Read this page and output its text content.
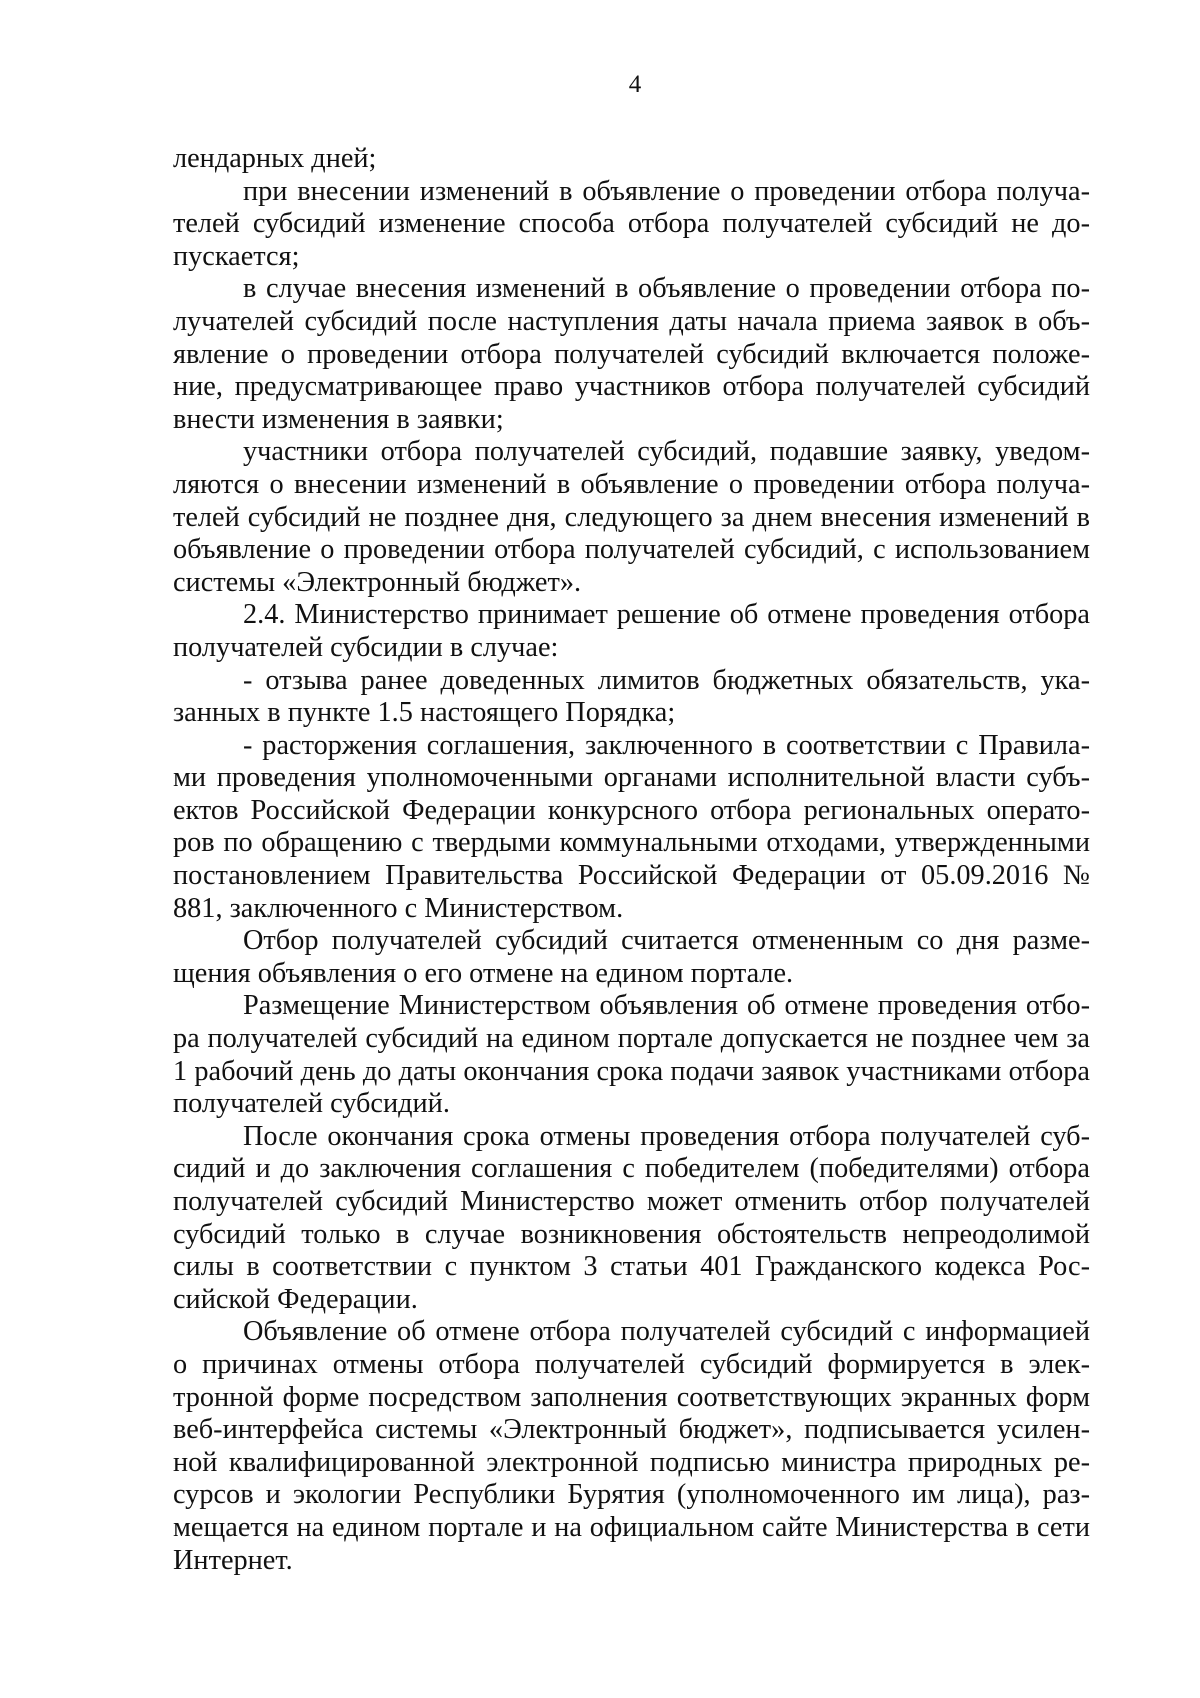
4

лендарных дней;

при внесении изменений в объявление о проведении отбора получателей субсидий изменение способа отбора получателей субсидий не допускается;

в случае внесения изменений в объявление о проведении отбора получателей субсидий после наступления даты начала приема заявок в объявление о проведении отбора получателей субсидий включается положение, предусматривающее право участников отбора получателей субсидий внести изменения в заявки;

участники отбора получателей субсидий, подавшие заявку, уведомляются о внесении изменений в объявление о проведении отбора получателей субсидий не позднее дня, следующего за днем внесения изменений в объявление о проведении отбора получателей субсидий, с использованием системы «Электронный бюджет».

2.4. Министерство принимает решение об отмене проведения отбора получателей субсидии в случае:

- отзыва ранее доведенных лимитов бюджетных обязательств, указанных в пункте 1.5 настоящего Порядка;

- расторжения соглашения, заключенного в соответствии с Правилами проведения уполномоченными органами исполнительной власти субъектов Российской Федерации конкурсного отбора региональных операторов по обращению с твердыми коммунальными отходами, утвержденными постановлением Правительства Российской Федерации от 05.09.2016 № 881, заключенного с Министерством.

Отбор получателей субсидий считается отмененным со дня размещения объявления о его отмене на едином портале.

Размещение Министерством объявления об отмене проведения отбора получателей субсидий на едином портале допускается не позднее чем за 1 рабочий день до даты окончания срока подачи заявок участниками отбора получателей субсидий.

После окончания срока отмены проведения отбора получателей субсидий и до заключения соглашения с победителем (победителями) отбора получателей субсидий Министерство может отменить отбор получателей субсидий только в случае возникновения обстоятельств непреодолимой силы в соответствии с пунктом 3 статьи 401 Гражданского кодекса Российской Федерации.

Объявление об отмене отбора получателей субсидий с информацией о причинах отмены отбора получателей субсидий формируется в электронной форме посредством заполнения соответствующих экранных форм веб-интерфейса системы «Электронный бюджет», подписывается усиленной квалифицированной электронной подписью министра природных ресурсов и экологии Республики Бурятия (уполномоченного им лица), размещается на едином портале и на официальном сайте Министерства в сети Интернет.
